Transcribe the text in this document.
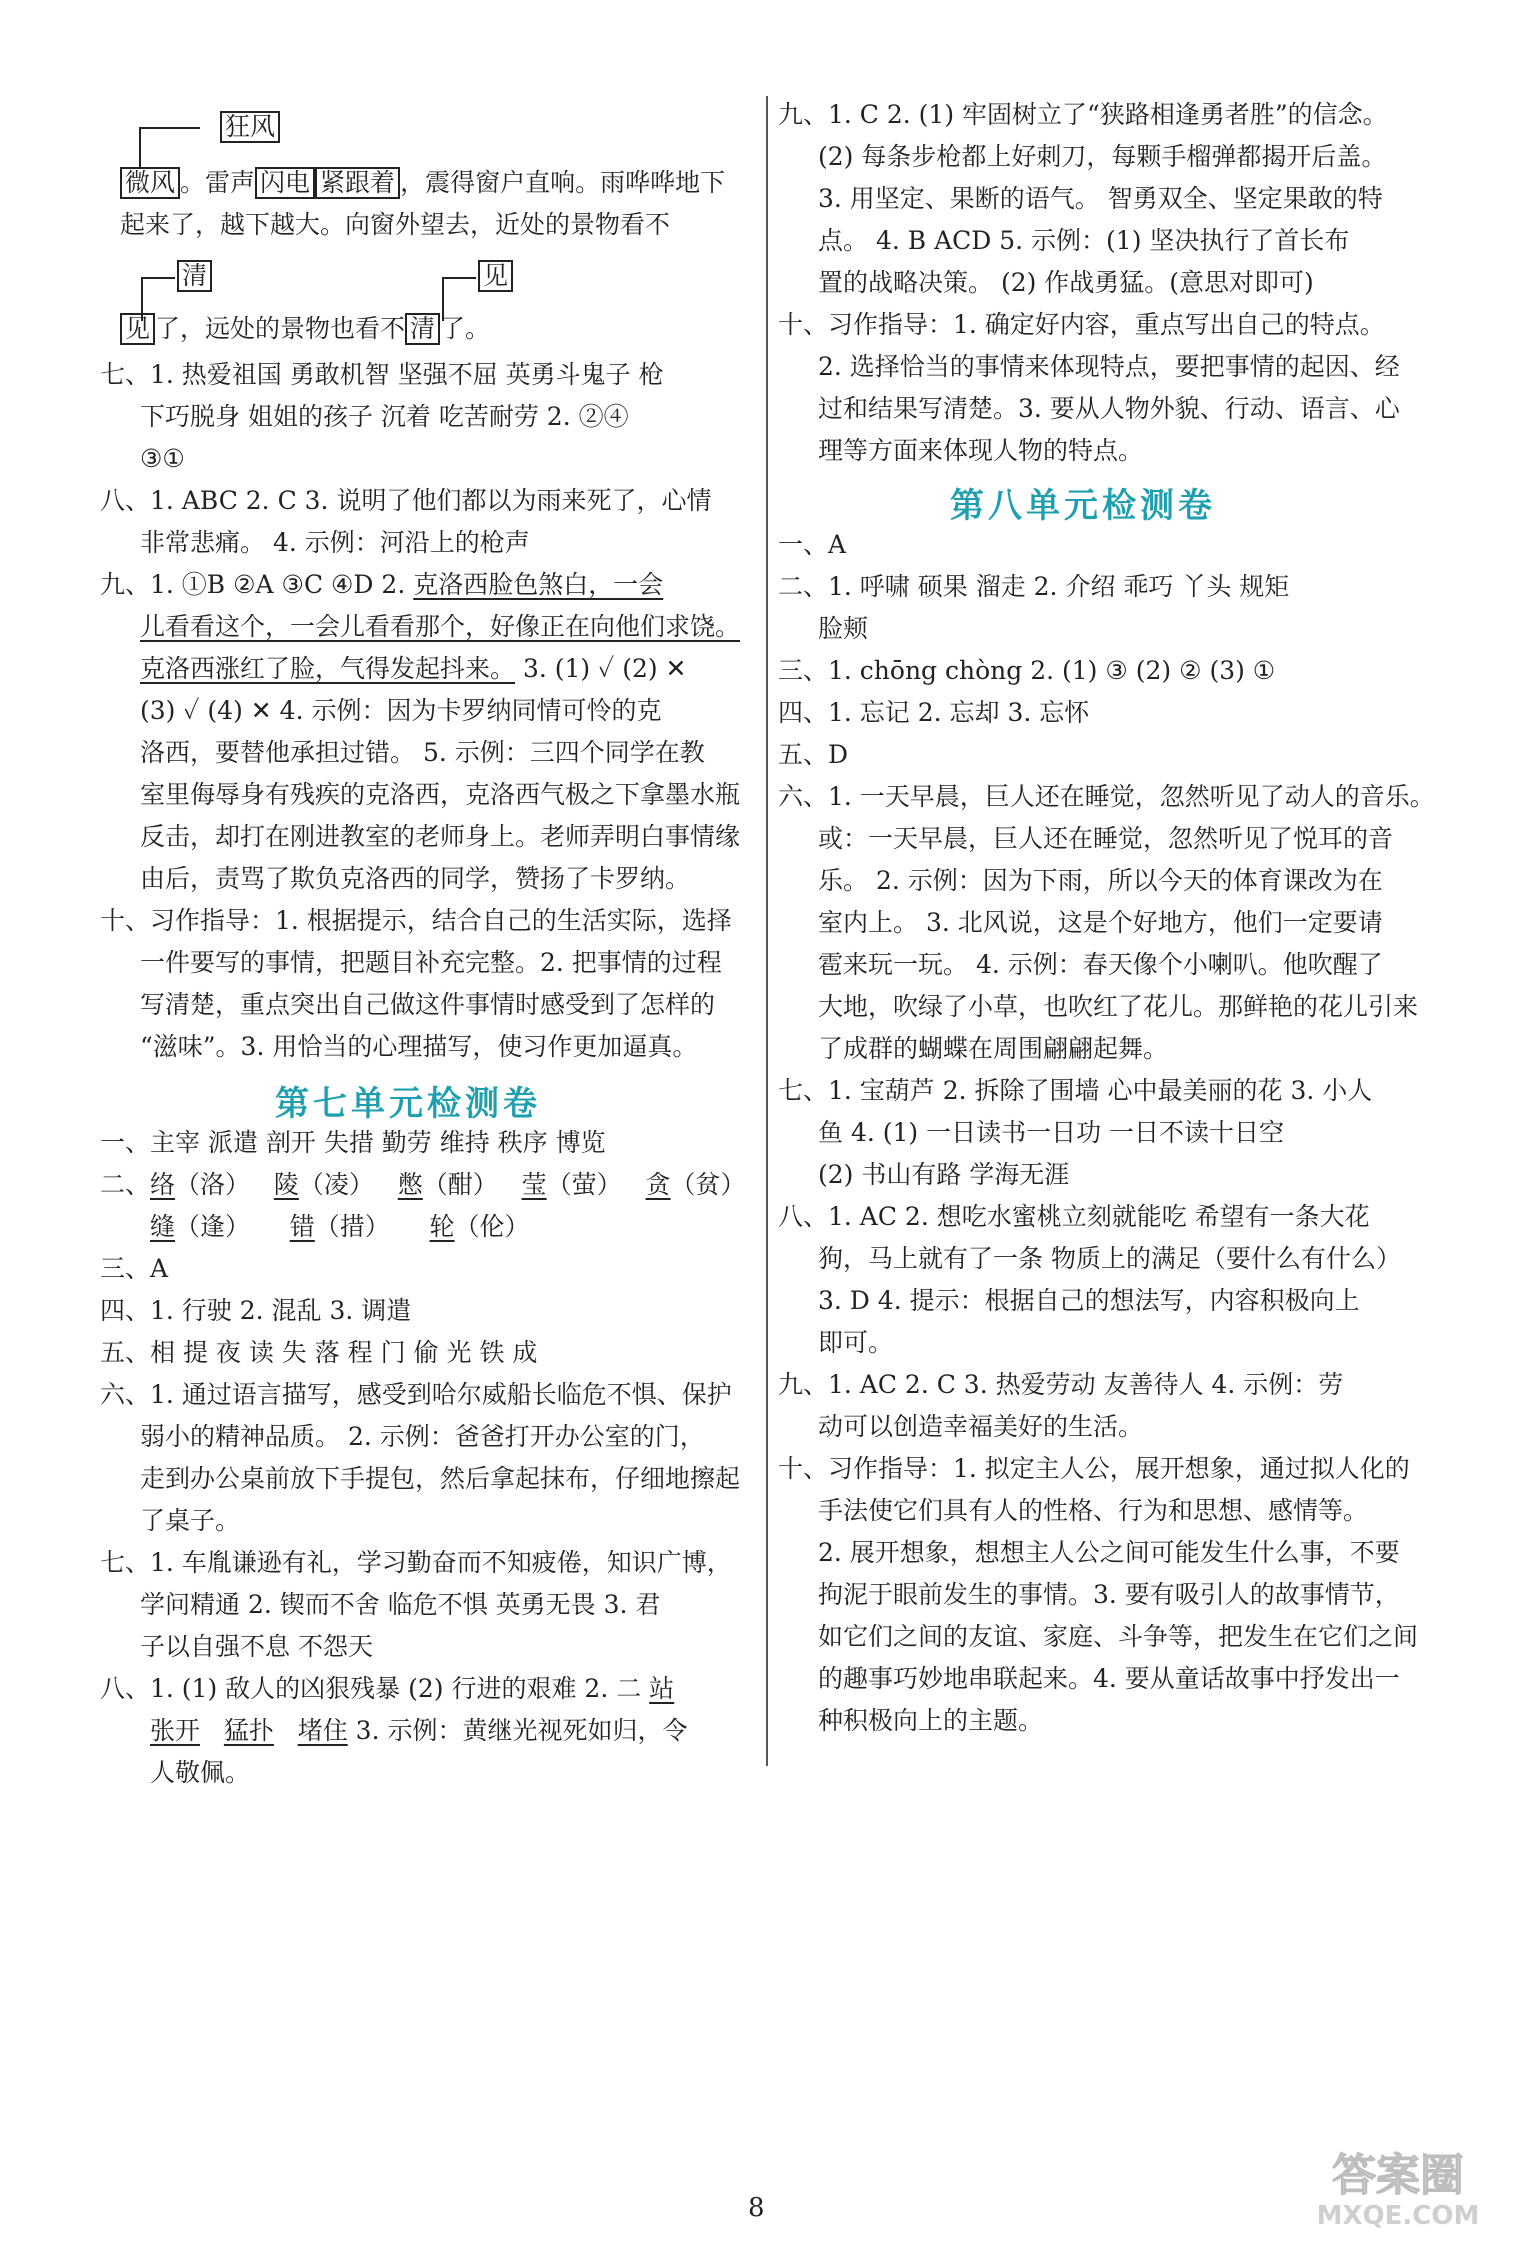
狂风
微风 。雷声 闪电 紧跟着 ，震得窗户直响。雨哗哗地下
起来了，越下越大。向窗外望去，近处的景物看不
清	见
见 了，远处的景物也看不 清 了。
七、1. 热爱祖国 勇敢机智 坚强不屈 英勇斗鬼子 枪
下巧脱身 姐姐的孩子 沉着 吃苦耐劳 2. ②④
③①
八、1. ABC 2. C 3. 说明了他们都以为雨来死了，心情
非常悲痛。 4. 示例：河沿上的枪声
九、1. ①B ②A ③C ④D 2. 克洛西脸色煞白，一会
儿看看这个，一会儿看看那个，好像正在向他们求饶。
克洛西涨红了脸，气得发起抖来。 3. (1) ✓ (2) ✕
(3) ✓ (4) ✕ 4. 示例：因为卡罗纳同情可怜的克
洛西，要替他承担过错。 5. 示例：三四个同学在教
室里侮辱身有残疾的克洛西，克洛西气极之下拿墨水瓶
反击，却打在刚进教室的老师身上。老师弄明白事情缘
由后，责骂了欺负克洛西的同学，赞扬了卡罗纳。
十、习作指导：1. 根据提示，结合自己的生活实际，选择
一件要写的事情，把题目补充完整。2. 把事情的过程
写清楚，重点突出自己做这件事情时感受到了怎样的
“滋味”。3. 用恰当的心理描写，使习作更加逼真。
第七单元检测卷
一、主宰 派遣 剖开 失措 勤劳 维持 秩序 博览
二、络（洛） 陵（凌） 憋（酣） 莹（萤） 贪（贫）
缝（逢） 错（措） 轮（伦）
三、A
四、1. 行驶 2. 混乱 3. 调遣
五、相 提 夜 读 失 落 程 门 偷 光 铁 成
六、1. 通过语言描写，感受到哈尔威船长临危不惧、保护
弱小的精神品质。 2. 示例：爸爸打开办公室的门，
走到办公桌前放下手提包，然后拿起抹布，仔细地擦起
了桌子。
七、1. 车胤谦逊有礼，学习勤奋而不知疲倦，知识广博，
学问精通 2. 锲而不舍 临危不惧 英勇无畏 3. 君
子以自强不息 不怨天
八、1. (1) 敌人的凶狠残暴 (2) 行进的艰难 2. 二 站
张开 猛扑 堵住 3. 示例：黄继光视死如归，令
人敬佩。
九、1. C 2. (1) 牢固树立了“狭路相逢勇者胜”的信念。
(2) 每条步枪都上好刺刀，每颗手榴弹都揭开后盖。
3. 用坚定、果断的语气。 智勇双全、坚定果敢的特
点。 4. B ACD 5. 示例：(1) 坚决执行了首长布
置的战略决策。 (2) 作战勇猛。(意思对即可)
十、习作指导：1. 确定好内容，重点写出自己的特点。
2. 选择恰当的事情来体现特点，要把事情的起因、经
过和结果写清楚。3. 要从人物外貌、行动、语言、心
理等方面来体现人物的特点。
第八单元检测卷
一、A
二、1. 呼啸 硕果 溜走 2. 介绍 乖巧 丫头 规矩
脸颊
三、1. chōng chòng 2. (1) ③ (2) ② (3) ①
四、1. 忘记 2. 忘却 3. 忘怀
五、D
六、1. 一天早晨，巨人还在睡觉，忽然听见了动人的音乐。
或：一天早晨，巨人还在睡觉，忽然听见了悦耳的音
乐。 2. 示例：因为下雨，所以今天的体育课改为在
室内上。 3. 北风说，这是个好地方，他们一定要请
雹来玩一玩。 4. 示例：春天像个小喇叭。他吹醒了
大地，吹绿了小草，也吹红了花儿。那鲜艳的花儿引来
了成群的蝴蝶在周围翩翩起舞。
七、1. 宝葫芦 2. 拆除了围墙 心中最美丽的花 3. 小人
鱼 4. (1) 一日读书一日功 一日不读十日空
(2) 书山有路 学海无涯
八、1. AC 2. 想吃水蜜桃立刻就能吃 希望有一条大花
狗，马上就有了一条 物质上的满足（要什么有什么）
3. D 4. 提示：根据自己的想法写，内容积极向上
即可。
九、1. AC 2. C 3. 热爱劳动 友善待人 4. 示例：劳
动可以创造幸福美好的生活。
十、习作指导：1. 拟定主人公，展开想象，通过拟人化的
手法使它们具有人的性格、行为和思想、感情等。
2. 展开想象，想想主人公之间可能发生什么事，不要
拘泥于眼前发生的事情。3. 要有吸引人的故事情节，
如它们之间的友谊、家庭、斗争等，把发生在它们之间
的趣事巧妙地串联起来。4. 要从童话故事中抒发出一
种积极向上的主题。
8
答案圈
MXQE.COM
